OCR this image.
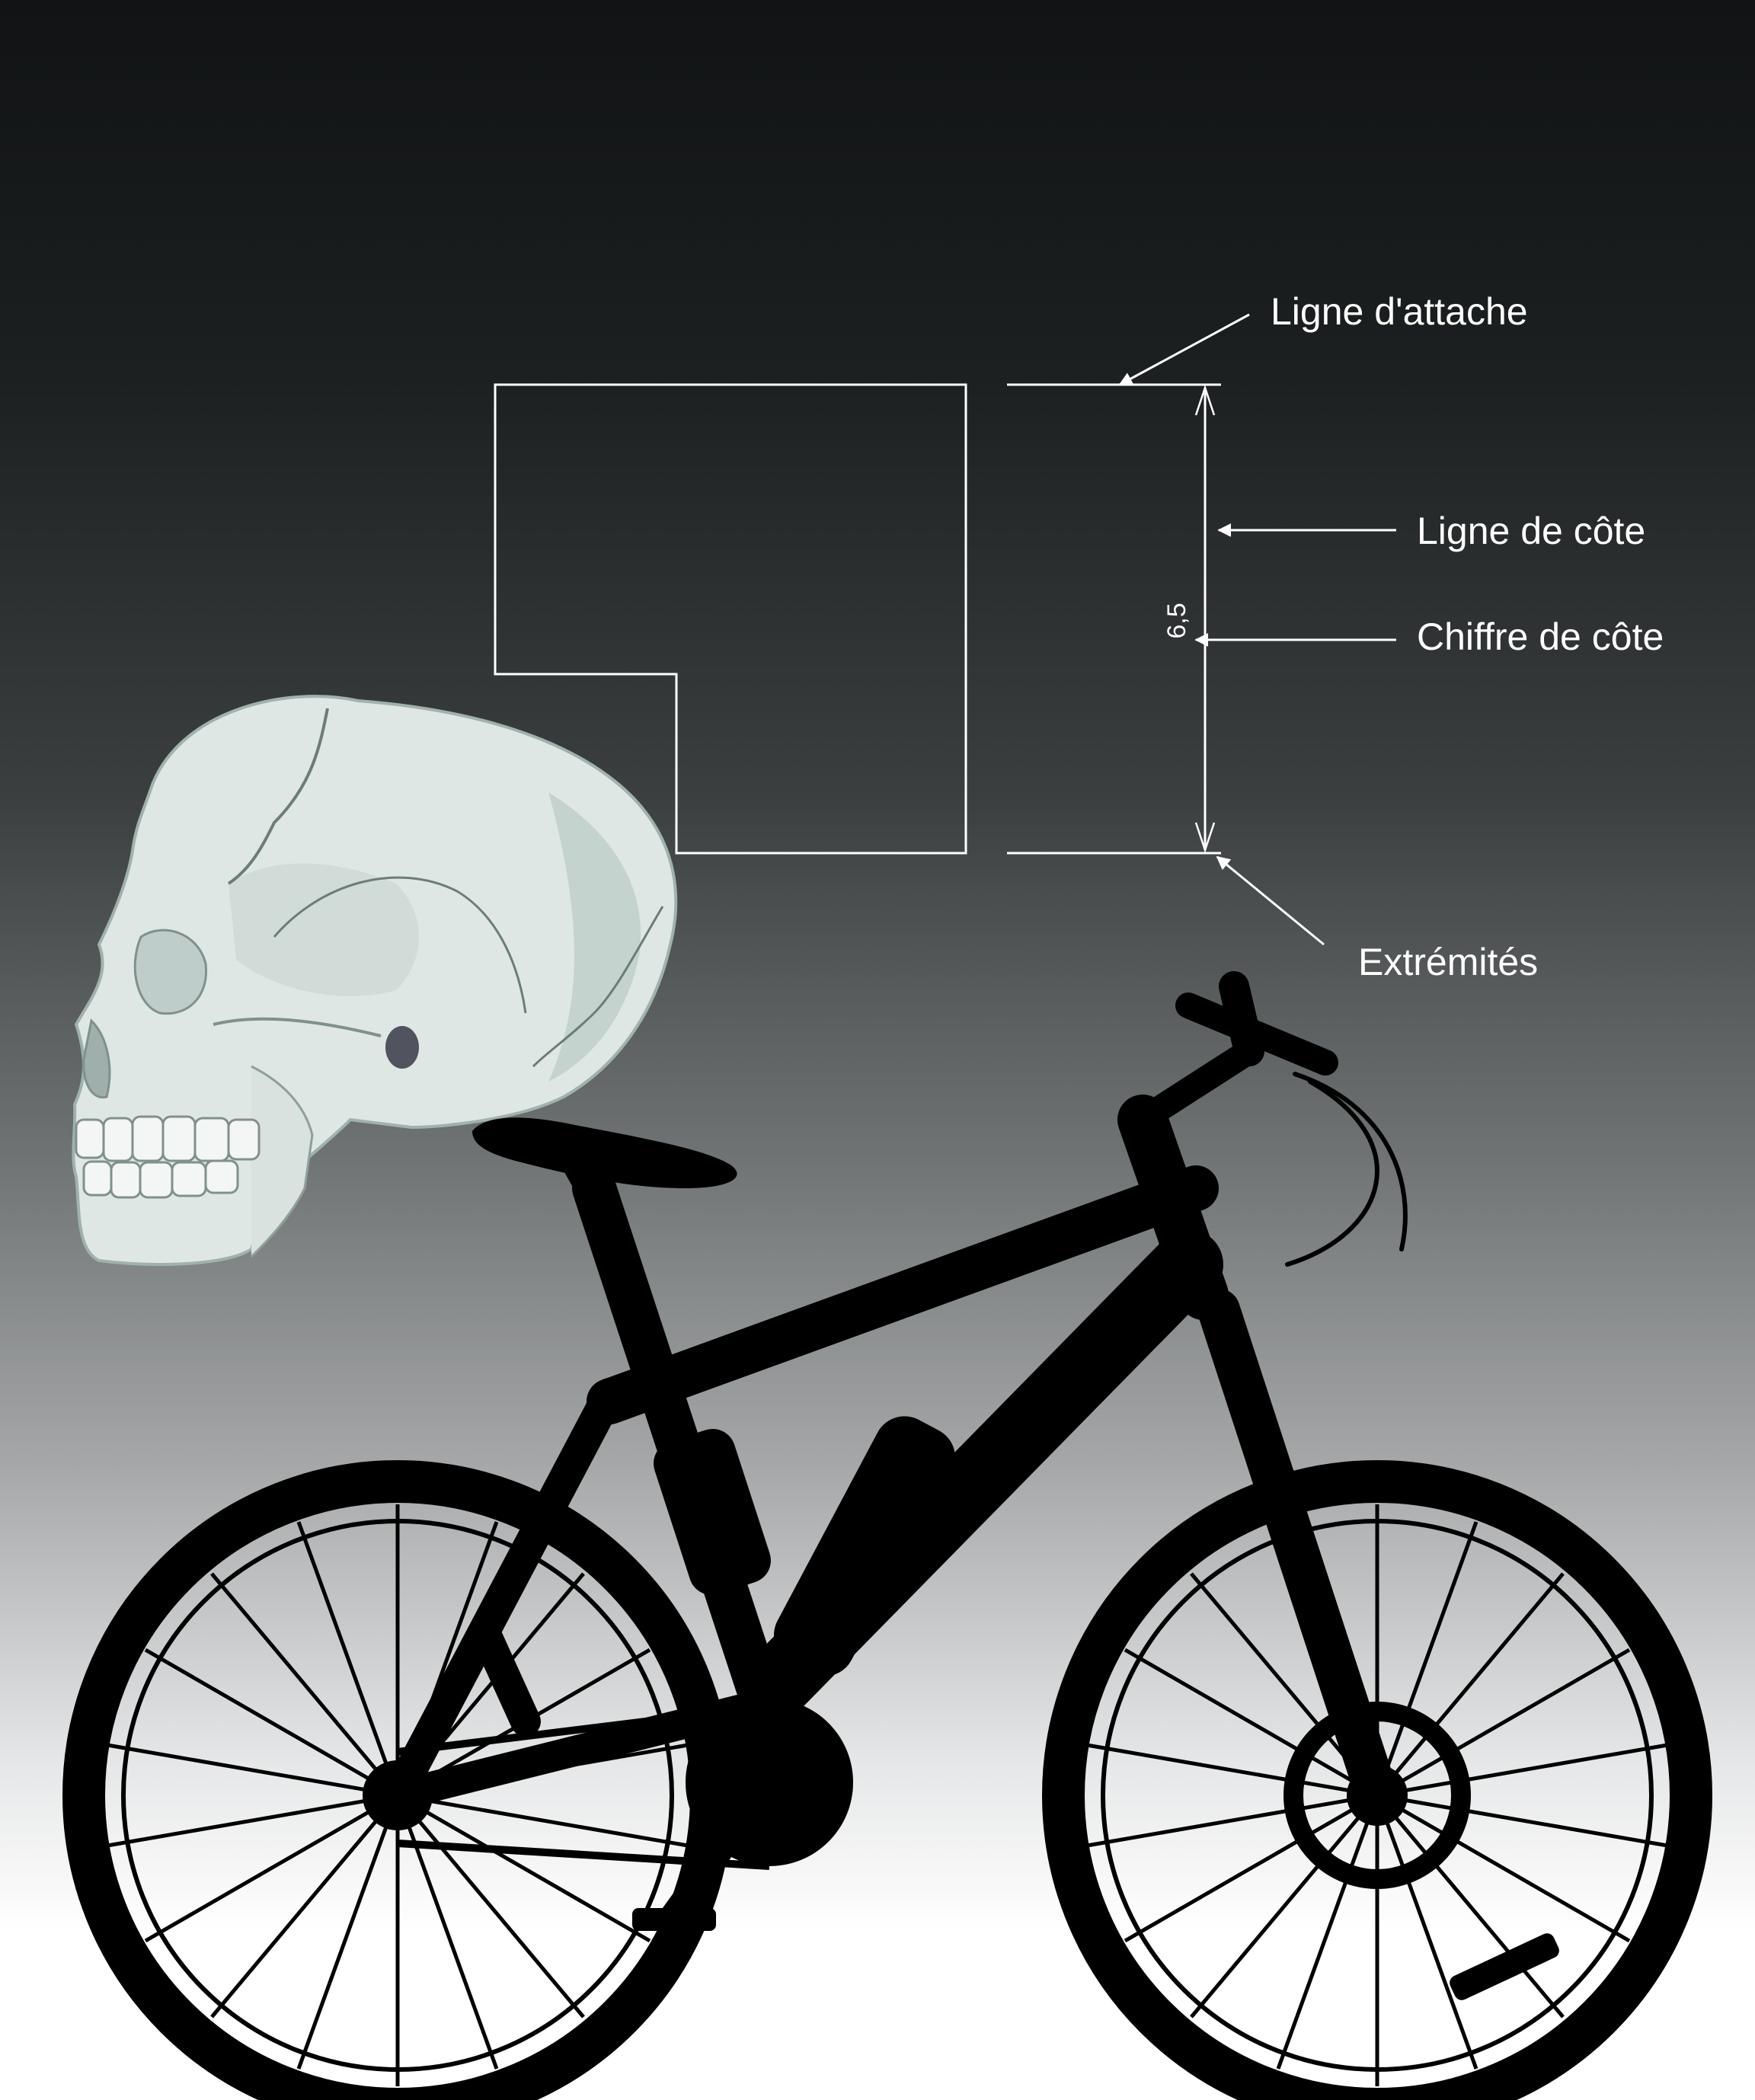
6,5
Ligne d'attache
Ligne de côte
Chiffre de côte
Extrémités
